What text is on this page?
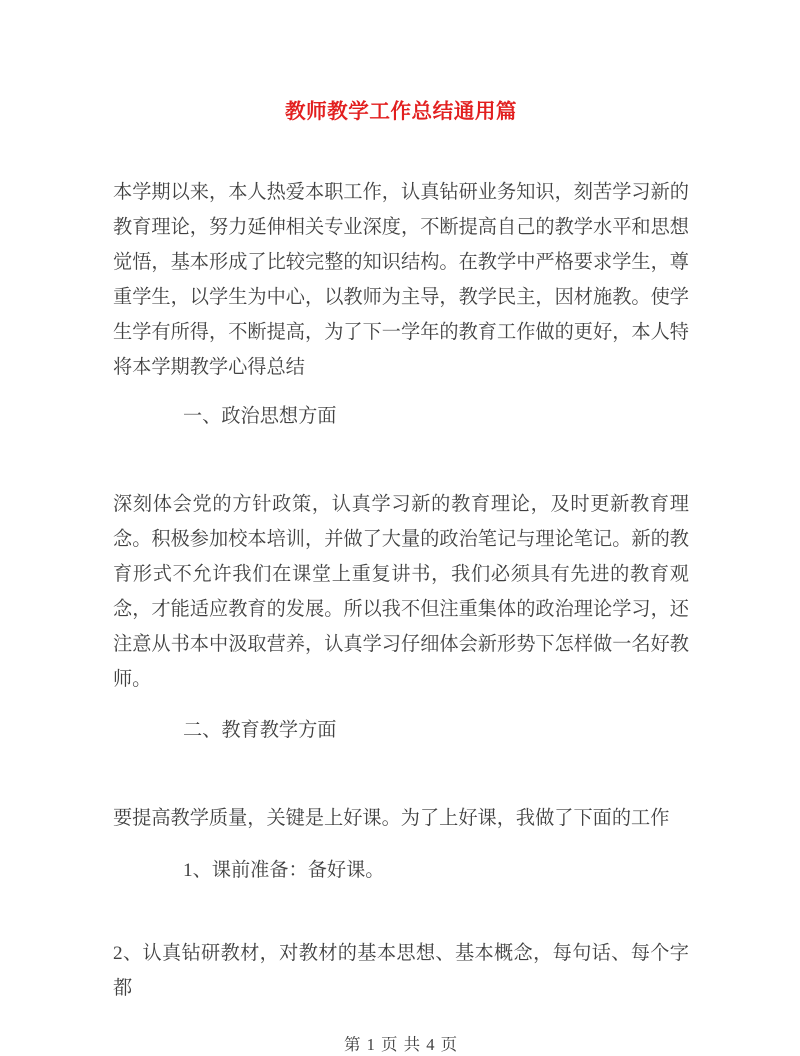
教师教学工作总结通用篇

本学期以来，本人热爱本职工作，认真钻研业务知识，刻苦学习新的教育理论，努力延伸相关专业深度，不断提高自己的教学水平和思想觉悟，基本形成了比较完整的知识结构。在教学中严格要求学生，尊重学生，以学生为中心，以教师为主导，教学民主，因材施教。使学生学有所得，不断提高，为了下一学年的教育工作做的更好，本人特将本学期教学心得总结

一、政治思想方面

深刻体会党的方针政策，认真学习新的教育理论，及时更新教育理念。积极参加校本培训，并做了大量的政治笔记与理论笔记。新的教育形式不允许我们在课堂上重复讲书，我们必须具有先进的教育观念，才能适应教育的发展。所以我不但注重集体的政治理论学习，还注意从书本中汲取营养，认真学习仔细体会新形势下怎样做一名好教师。

二、教育教学方面

要提高教学质量，关键是上好课。为了上好课，我做了下面的工作

1、课前准备：备好课。

2、认真钻研教材，对教材的基本思想、基本概念，每句话、每个字都

第 1 页 共 4 页
